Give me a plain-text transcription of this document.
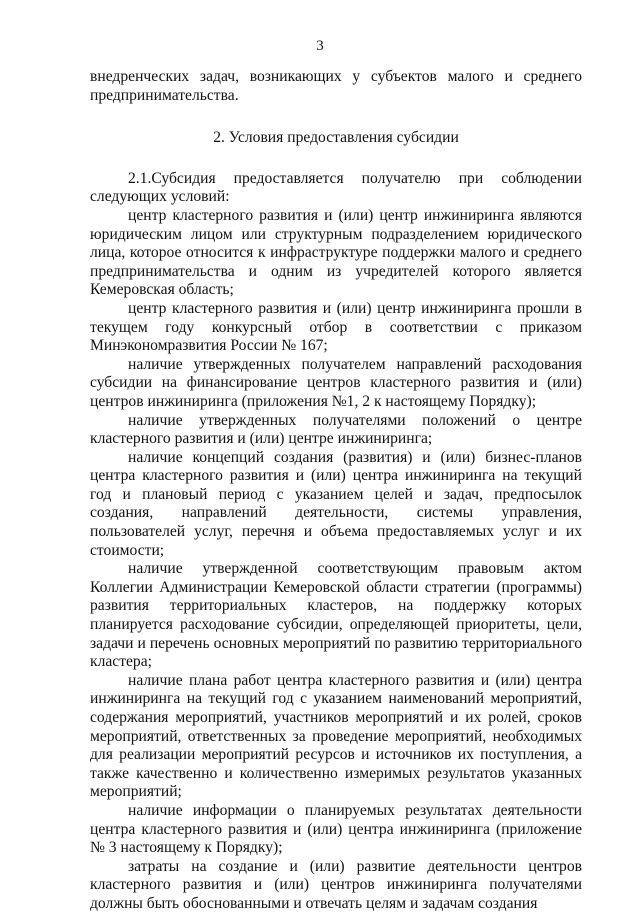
3

внедренческих задач, возникающих у субъектов малого и среднего предпринимательства.

2. Условия предоставления субсидии

2.1.Субсидия предоставляется получателю при соблюдении следующих условий:

центр кластерного развития и (или) центр инжиниринга являются юридическим лицом или структурным подразделением юридического лица, которое относится к инфраструктуре поддержки малого и среднего предпринимательства и одним из учредителей которого является Кемеровская область;

центр кластерного развития и (или) центр инжиниринга прошли в текущем году конкурсный отбор в соответствии с приказом Минэкономразвития России № 167;

наличие утвержденных получателем направлений расходования субсидии на финансирование центров кластерного развития и (или) центров инжиниринга (приложения №1, 2 к настоящему Порядку);

наличие утвержденных получателями положений о центре кластерного развития и (или) центре инжиниринга;

наличие концепций создания (развития) и (или) бизнес-планов центра кластерного развития и (или) центра инжиниринга на текущий год и плановый период с указанием целей и задач, предпосылок создания, направлений деятельности, системы управления, пользователей услуг, перечня и объема предоставляемых услуг и их стоимости;

наличие утвержденной соответствующим правовым актом Коллегии Администрации Кемеровской области стратегии (программы) развития территориальных кластеров, на поддержку которых планируется расходование субсидии, определяющей приоритеты, цели, задачи и перечень основных мероприятий по развитию территориального кластера;

наличие плана работ центра кластерного развития и (или) центра инжиниринга на текущий год с указанием наименований мероприятий, содержания мероприятий, участников мероприятий и их ролей, сроков мероприятий, ответственных за проведение мероприятий, необходимых для реализации мероприятий ресурсов и источников их поступления, а также качественно и количественно измеримых результатов указанных мероприятий;

наличие информации о планируемых результатах деятельности центра кластерного развития и (или) центра инжиниринга (приложение № 3 настоящему к Порядку);

затраты на создание и (или) развитие деятельности центров кластерного развития и (или) центров инжиниринга получателями должны быть обоснованными и отвечать целям и задачам создания
